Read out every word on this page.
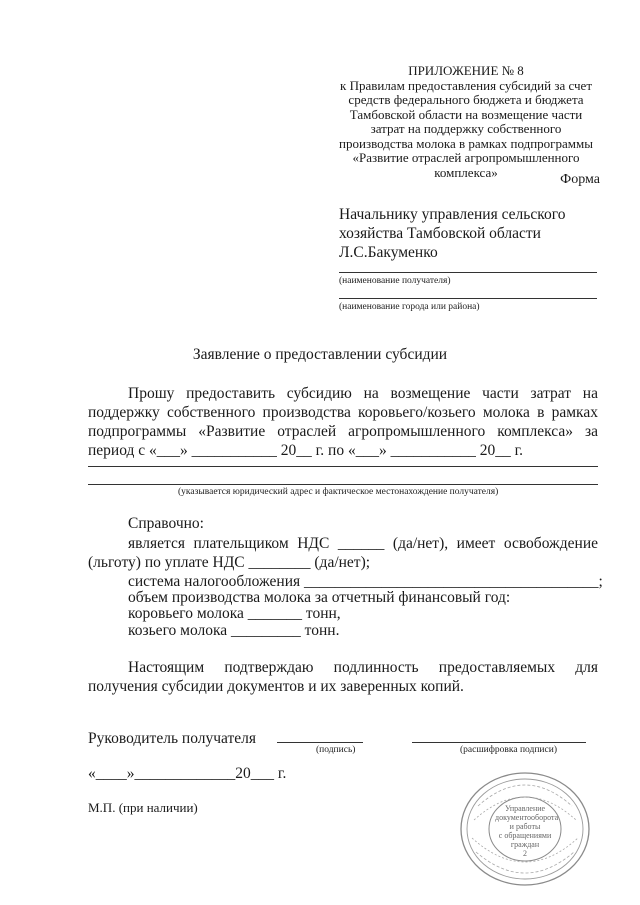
ПРИЛОЖЕНИЕ № 8
к Правилам предоставления субсидий за счет
средств федерального бюджета и бюджета
Тамбовской области на возмещение части
затрат на поддержку собственного
производства молока в рамках подпрограммы
«Развитие отраслей агропромышленного
комплекса»	Форма
Начальнику управления сельского
хозяйства Тамбовской области
Л.С.Бакуменко
(наименование получателя)
(наименование города или района)
Заявление о предоставлении субсидии
Прошу предоставить субсидию на возмещение части затрат на
поддержку собственного производства коровьего/козьего молока в рамках
подпрограммы «Развитие отраслей агропромышленного комплекса» за
период с «___» ___________ 20__ г. по «___» ___________ 20__ г.
(указывается юридический адрес и фактическое местонахождение получателя)
Справочно:
является плательщиком НДС ______ (да/нет), имеет освобождение
(льготу) по уплате НДС ________ (да/нет);
система налогообложения ______________________________________;
объем производства молока за отчетный финансовый год:
коровьего молока _______ тонн,
козьего молока _________ тонн.
Настоящим подтверждаю подлинность предоставляемых для
получения субсидии документов и их заверенных копий.
Руководитель получателя
(подпись)	(расшифровка подписи)
«____»_____________20___ г.
М.П. (при наличии)	Управление
документооборота
и работы
с обращениями
граждан
2
